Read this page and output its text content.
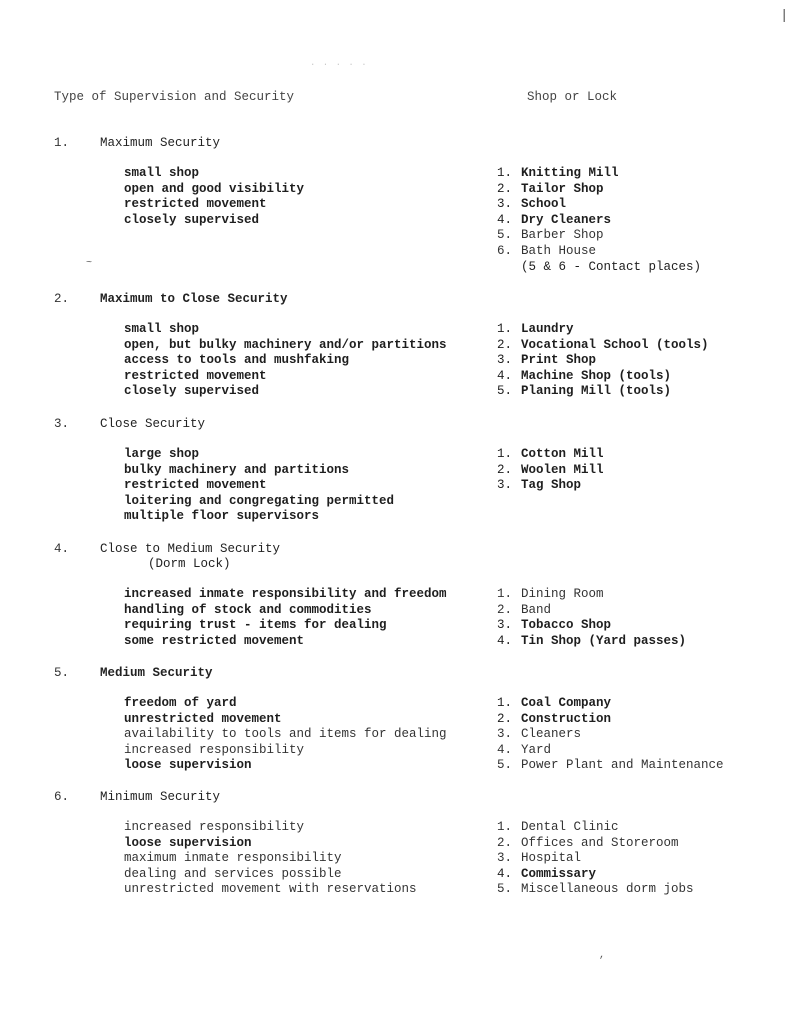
· · · · ·
Type of Supervision and Security	Shop or Lock
1. Maximum Security
small shop
open and good visibility
restricted movement
closely supervised
1. Knitting Mill
2. Tailor Shop
3. School
4. Dry Cleaners
5. Barber Shop
6. Bath House
(5 & 6 - Contact places)
2. Maximum to Close Security
small shop
open, but bulky machinery and/or partitions
access to tools and mushfaking
restricted movement
closely supervised
1. Laundry
2. Vocational School (tools)
3. Print Shop
4. Machine Shop (tools)
5. Planing Mill (tools)
3. Close Security
large shop
bulky machinery and partitions
restricted movement
loitering and congregating permitted
multiple floor supervisors
1. Cotton Mill
2. Woolen Mill
3. Tag Shop
4. Close to Medium Security
(Dorm Lock)
increased inmate responsibility and freedom
handling of stock and commodities
requiring trust - items for dealing
some restricted movement
1. Dining Room
2. Band
3. Tobacco Shop
4. Tin Shop (Yard passes)
5. Medium Security
freedom of yard
unrestricted movement
availability to tools and items for dealing
increased responsibility
loose supervision
1. Coal Company
2. Construction
3. Cleaners
4. Yard
5. Power Plant and Maintenance
6. Minimum Security
increased responsibility
loose supervision
maximum inmate responsibility
dealing and services possible
unrestricted movement with reservations
1. Dental Clinic
2. Offices and Storeroom
3. Hospital
4. Commissary
5. Miscellaneous dorm jobs
~
,
|
